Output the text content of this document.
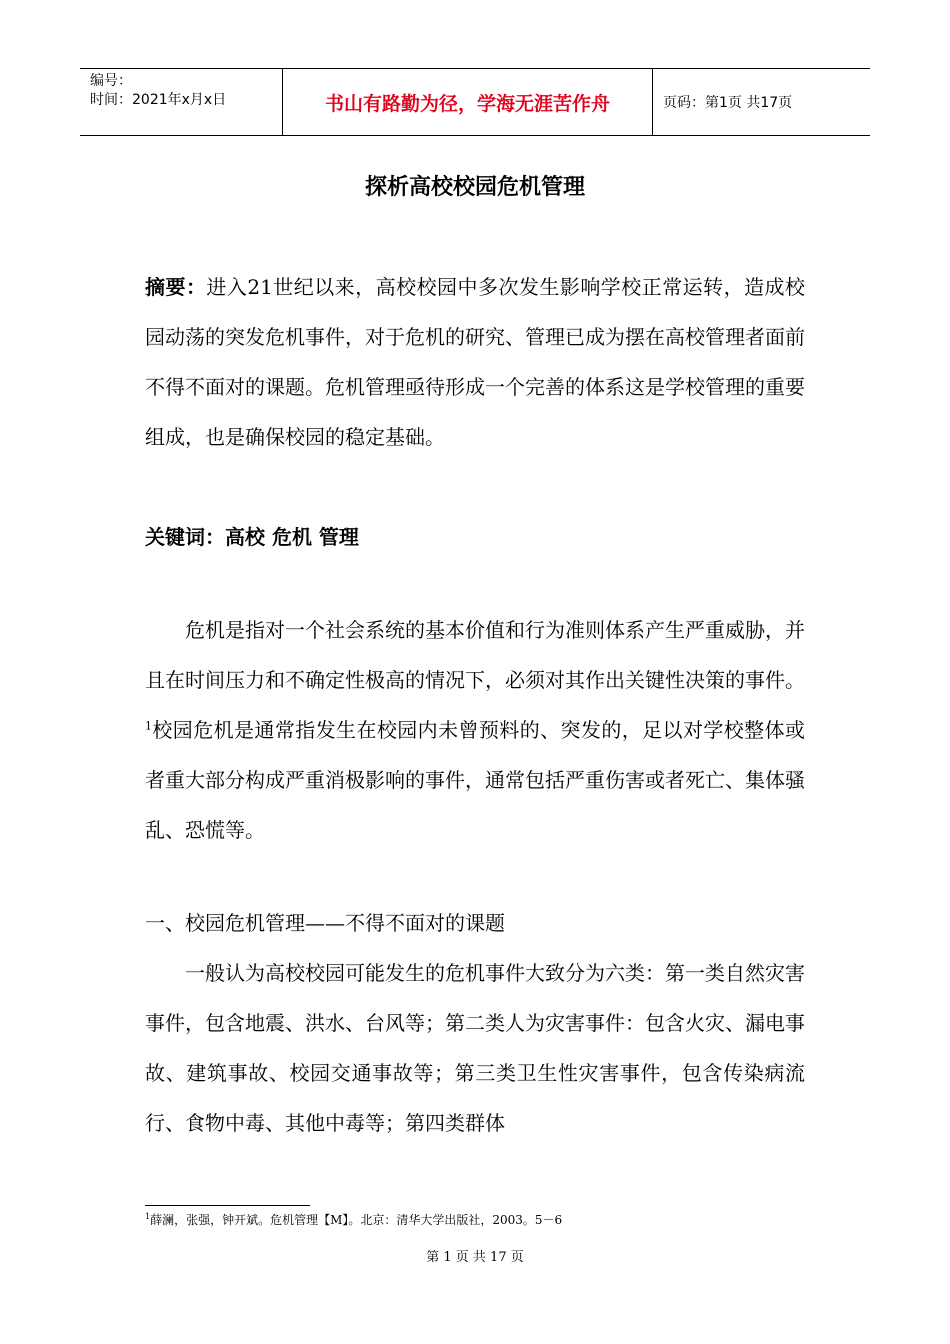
编号：
时间：2021年x月x日	书山有路勤为径，学海无涯苦作舟	页码：第1页 共17页
探析高校校园危机管理

摘要：进入21世纪以来，高校校园中多次发生影响学校正常运转，造成校园动荡的突发危机事件，对于危机的研究、管理已成为摆在高校管理者面前不得不面对的课题。危机管理亟待形成一个完善的体系这是学校管理的重要组成，也是确保校园的稳定基础。

关键词：高校 危机 管理

危机是指对一个社会系统的基本价值和行为准则体系产生严重威胁，并且在时间压力和不确定性极高的情况下，必须对其作出关键性决策的事件。$^1$校园危机是通常指发生在校园内未曾预料的、突发的，足以对学校整体或者重大部分构成严重消极影响的事件，通常包括严重伤害或者死亡、集体骚乱、恐慌等。

一、校园危机管理——不得不面对的课题

一般认为高校校园可能发生的危机事件大致分为六类：第一类自然灾害事件，包含地震、洪水、台风等；第二类人为灾害事件：包含火灾、漏电事故、建筑事故、校园交通事故等；第三类卫生性灾害事件，包含传染病流行、食物中毒、其他中毒等；第四类群体

$^1$薛澜，张强，钟开斌。危机管理【M】。北京：清华大学出版社，2003。5－6
第 1 页 共 17 页
